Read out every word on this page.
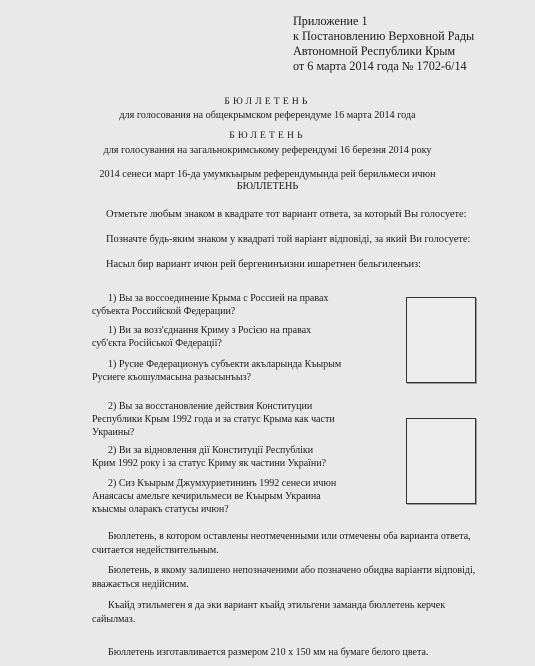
Приложение 1
к Постановлению Верховной Рады
Автономной Республики Крым
от 6 марта 2014 года № 1702-6/14
БЮЛЛЕТЕНЬ
для голосования на общекрымском референдуме 16 марта 2014 года
БЮЛЕТЕНЬ
для голосування на загальнокримському референдумі 16 березня 2014 року
2014 сенеси март 16-да умумкъырым референдумында рей берильмеси ичюн
БЮЛЛЕТЕНЬ
Отметьте любым знаком в квадрате тот вариант ответа, за который Вы голосуете:
Позначте будь-яким знаком у квадраті той варіант відповіді, за який Ви голосуете:
Насыл бир вариант ичюн рей бергенинъизни ишаретнен бельгиленъиз:
1) Вы за воссоединение Крыма с Россией на правах
субъекта Российской Федерации?
1) Ви за возз'єднання Криму з Росією на правах
суб'єкта Російської Федерації?
1) Русие Федерационуъ субъекти акъларында Къырым
Русиеге къошулмасына разысынъыз?
2) Вы за восстановление действия Конституции
Республики Крым 1992 года и за статус Крыма как части
Украины?
2) Ви за відновлення дії Конституції Республіки
Крим 1992 року і за статус Криму як частини України?
2) Сиз Къырым Джумхуриетининъ 1992 сенеси ичюн
Анаясасы амельге кечирильмеси ве Къырым Украина
къысмы оларакъ статусы ичюн?
Бюллетень, в котором оставлены неотмеченными или отмечены оба варианта ответа,
считается недействительным.
Бюлетень, в якому залишено непозначеними або позначено обидва варіанти відповіді,
вважається недійсним.
Къайд этильмеген я да эки вариант къайд этильгени заманда бюллетень керчек
сайылмаз.
Бюллетень изготавливается размером 210 x 150 мм на бумаге белого цвета.
